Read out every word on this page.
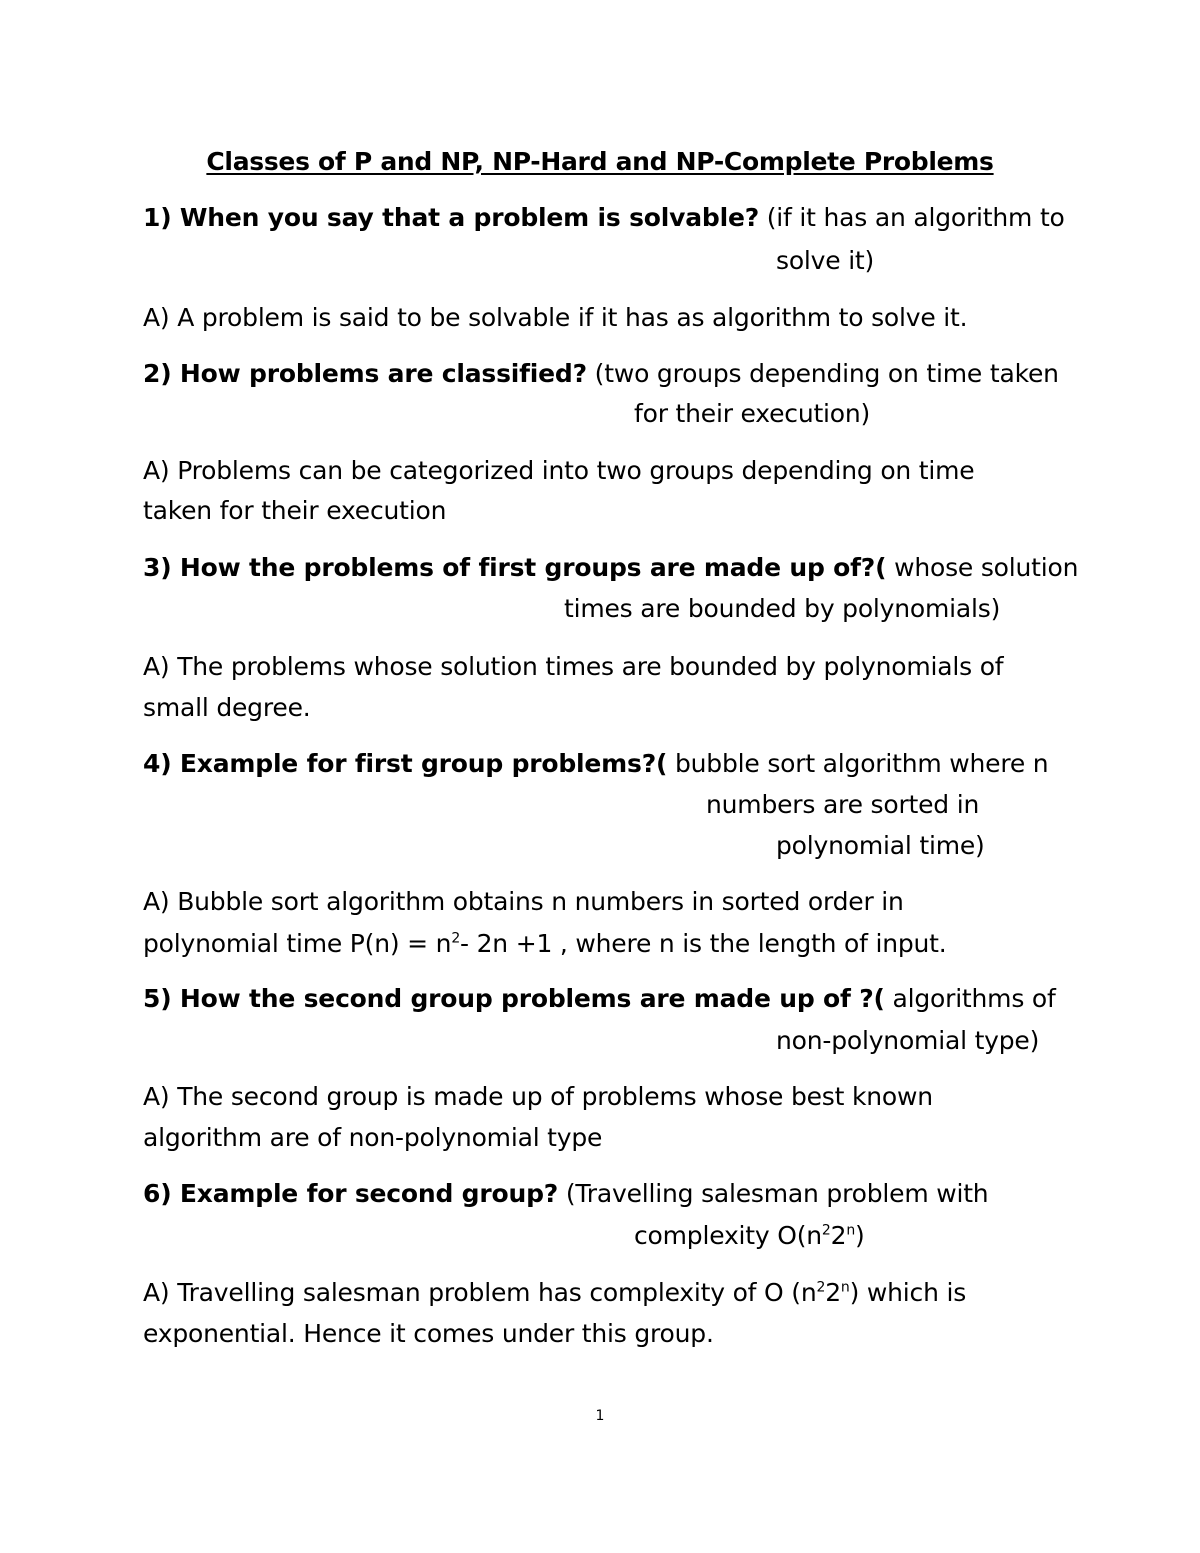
Classes of P and NP, NP-Hard and NP-Complete Problems
1) When you say that a problem is solvable? (if it has an algorithm to
solve it)
A) A problem is said to be solvable if it has as algorithm to solve it.
2) How problems are classified? (two groups depending on time taken
for their execution)
A) Problems can be categorized into two groups depending on time
taken for their execution
3) How the problems of first groups are made up of?( whose solution
times are bounded by polynomials)
A) The problems whose solution times are bounded by polynomials of
small degree.
4) Example for first group problems?( bubble sort algorithm where n
numbers are sorted in
polynomial time)
A) Bubble sort algorithm obtains n numbers in sorted order in
polynomial time $P(n) = n^2-$ 2n +1 , where n is the length of input.
5) How the second group problems are made up of ?( algorithms of
non-polynomial type)
A) The second group is made up of problems whose best known
algorithm are of non-polynomial type
6) Example for second group? (Travelling salesman problem with
complexity $O(n^22^n)$
A) Travelling salesman problem has complexity of O $(n^22^n)$ which is
exponential. Hence it comes under this group.
1
